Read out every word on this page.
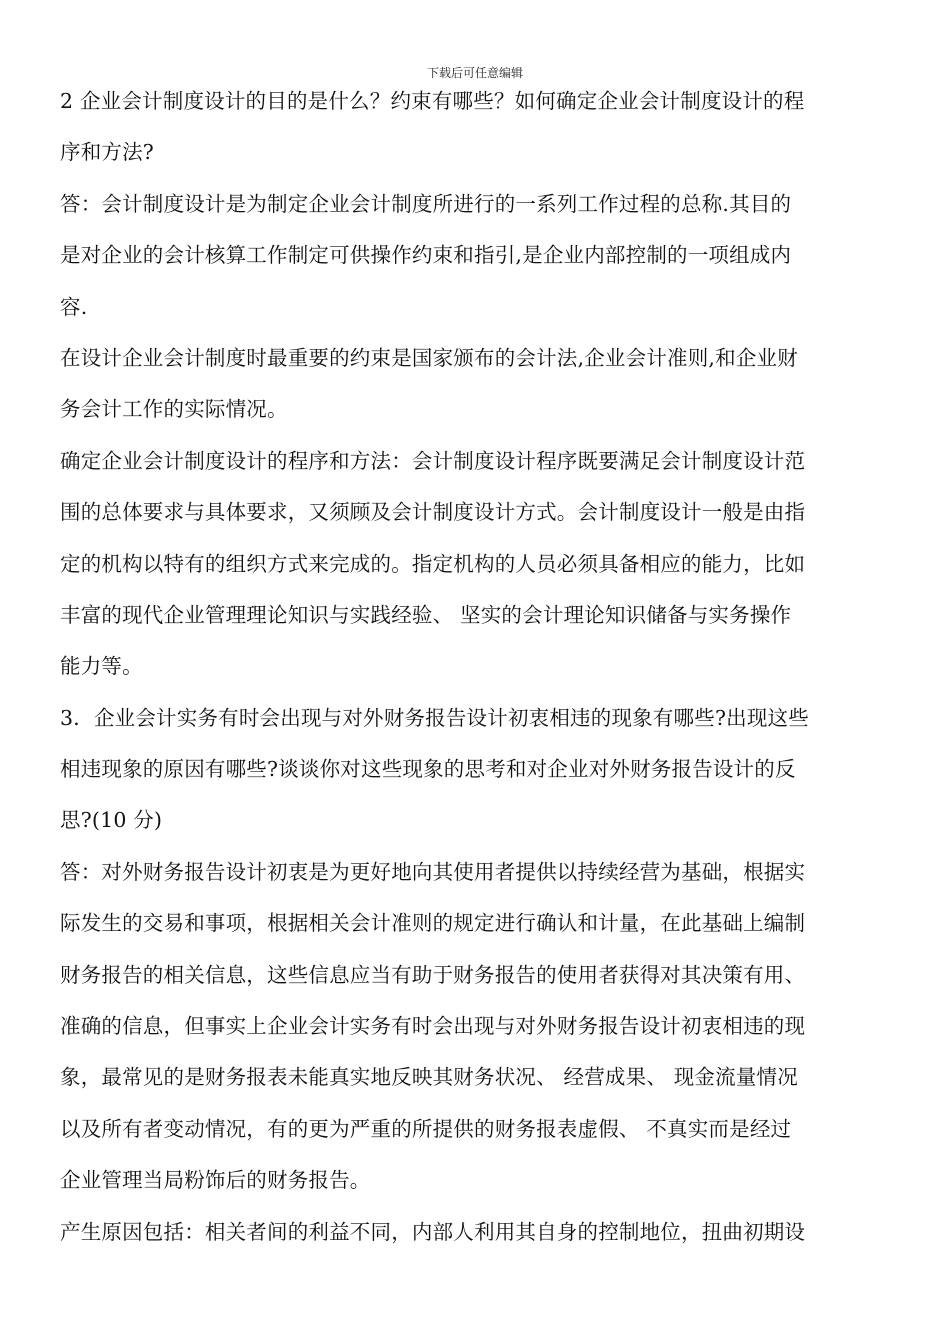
下载后可任意编辑

2 企业会计制度设计的目的是什么？约束有哪些？如何确定企业会计制度设计的程
序和方法?

答：会计制度设计是为制定企业会计制度所进行的一系列工作过程的总称.其目的
是对企业的会计核算工作制定可供操作约束和指引,是企业内部控制的一项组成内
容.

在设计企业会计制度时最重要的约束是国家颁布的会计法,企业会计准则,和企业财
务会计工作的实际情况。

确定企业会计制度设计的程序和方法：会计制度设计程序既要满足会计制度设计范
围的总体要求与具体要求，又须顾及会计制度设计方式。会计制度设计一般是由指
定的机构以特有的组织方式来完成的。指定机构的人员必须具备相应的能力，比如
丰富的现代企业管理理论知识与实践经验、 坚实的会计理论知识储备与实务操作
能力等。

3．企业会计实务有时会出现与对外财务报告设计初衷相违的现象有哪些?出现这些
相违现象的原因有哪些?谈谈你对这些现象的思考和对企业对外财务报告设计的反
思?(10 分)

答：对外财务报告设计初衷是为更好地向其使用者提供以持续经营为基础，根据实
际发生的交易和事项，根据相关会计准则的规定进行确认和计量，在此基础上编制
财务报告的相关信息，这些信息应当有助于财务报告的使用者获得对其决策有用、
准确的信息，但事实上企业会计实务有时会出现与对外财务报告设计初衷相违的现
象，最常见的是财务报表未能真实地反映其财务状况、 经营成果、 现金流量情况
以及所有者变动情况，有的更为严重的所提供的财务报表虚假、 不真实而是经过
企业管理当局粉饰后的财务报告。

产生原因包括：相关者间的利益不同，内部人利用其自身的控制地位，扭曲初期设
